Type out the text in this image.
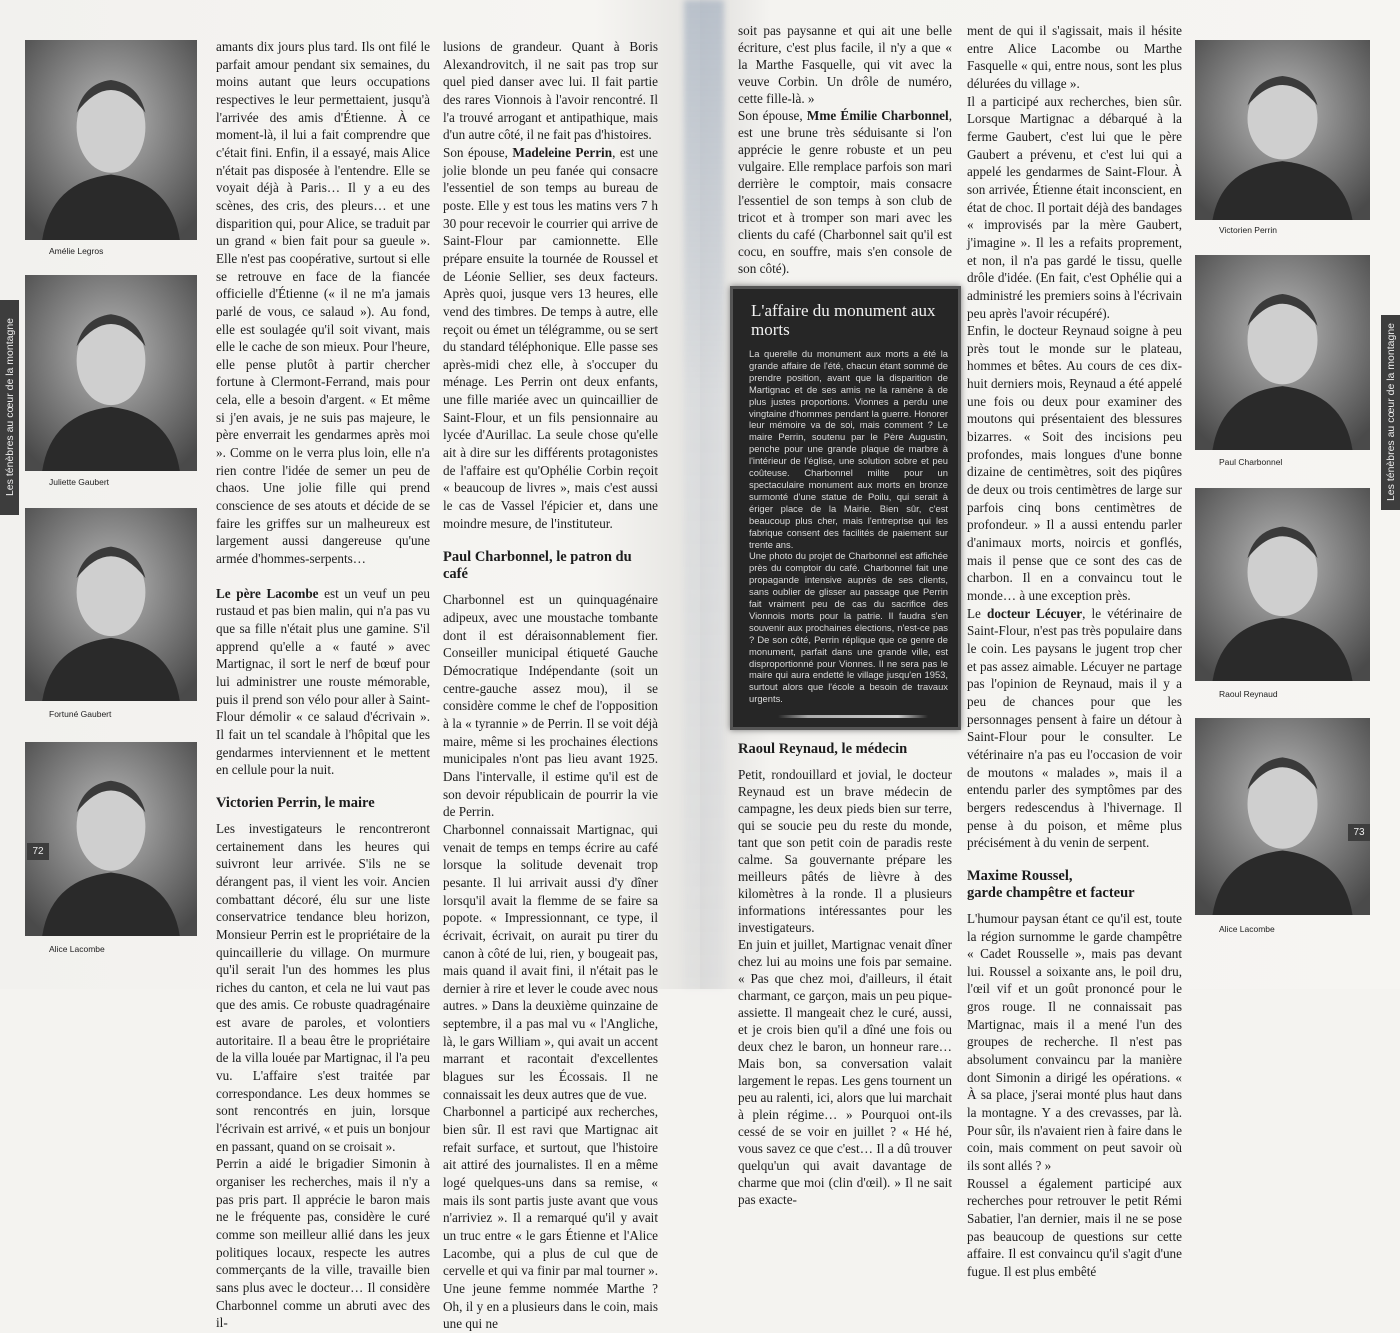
Amélie Legros
Juliette Gaubert
Fortuné Gaubert
Alice Lacombe
Victorien Perrin
Paul Charbonnel
Raoul Reynaud
Alice Lacombe

amants dix jours plus tard. Ils ont filé le parfait amour pendant six semaines, du moins autant que leurs occupations respectives le leur permettaient, jusqu'à l'arrivée des amis d'Étienne. À ce moment-là, il lui a fait comprendre que c'était fini. Enfin, il a essayé, mais Alice n'était pas disposée à l'entendre. Elle se voyait déjà à Paris… Il y a eu des scènes, des cris, des pleurs… et une disparition qui, pour Alice, se traduit par un grand « bien fait pour sa gueule ». Elle n'est pas coopérative, surtout si elle se retrouve en face de la fiancée officielle d'Étienne (« il ne m'a jamais parlé de vous, ce salaud »). Au fond, elle est soulagée qu'il soit vivant, mais elle le cache de son mieux. Pour l'heure, elle pense plutôt à partir chercher fortune à Clermont-Ferrand, mais pour cela, elle a besoin d'argent. « Et même si j'en avais, je ne suis pas majeure, le père enverrait les gendarmes après moi ». Comme on le verra plus loin, elle n'a rien contre l'idée de semer un peu de chaos. Une jolie fille qui prend conscience de ses atouts et décide de se faire les griffes sur un malheureux est largement aussi dangereuse qu'une armée d'hommes-serpents…

Le père Lacombe est un veuf un peu rustaud et pas bien malin, qui n'a pas vu que sa fille n'était plus une gamine. S'il apprend qu'elle a « fauté » avec Martignac, il sort le nerf de bœuf pour lui administrer une rouste mémorable, puis il prend son vélo pour aller à Saint-Flour démolir « ce salaud d'écrivain ». Il fait un tel scandale à l'hôpital que les gendarmes interviennent et le mettent en cellule pour la nuit.

Victorien Perrin, le maire

Les investigateurs le rencontreront certainement dans les heures qui suivront leur arrivée. S'ils ne se dérangent pas, il vient les voir. Ancien combattant décoré, élu sur une liste conservatrice tendance bleu horizon, Monsieur Perrin est le propriétaire de la quincaillerie du village. On murmure qu'il serait l'un des hommes les plus riches du canton, et cela ne lui vaut pas que des amis. Ce robuste quadragénaire est avare de paroles, et volontiers autoritaire. Il a beau être le propriétaire de la villa louée par Martignac, il l'a peu vu. L'affaire s'est traitée par correspondance. Les deux hommes se sont rencontrés en juin, lorsque l'écrivain est arrivé, « et puis un bonjour en passant, quand on se croisait ».

Perrin a aidé le brigadier Simonin à organiser les recherches, mais il n'y a pas pris part. Il apprécie le baron mais ne le fréquente pas, considère le curé comme son meilleur allié dans les jeux politiques locaux, respecte les autres commerçants de la ville, travaille bien sans plus avec le docteur… Il considère Charbonnel comme un abruti avec des il-

lusions de grandeur. Quant à Boris Alexandrovitch, il ne sait pas trop sur quel pied danser avec lui. Il fait partie des rares Vionnois à l'avoir rencontré. Il l'a trouvé arrogant et antipathique, mais d'un autre côté, il ne fait pas d'histoires.

Son épouse, Madeleine Perrin, est une jolie blonde un peu fanée qui consacre l'essentiel de son temps au bureau de poste. Elle y est tous les matins vers 7 h 30 pour recevoir le courrier qui arrive de Saint-Flour par camionnette. Elle prépare ensuite la tournée de Roussel et de Léonie Sellier, ses deux facteurs. Après quoi, jusque vers 13 heures, elle vend des timbres. De temps à autre, elle reçoit ou émet un télégramme, ou se sert du standard téléphonique. Elle passe ses après-midi chez elle, à s'occuper du ménage. Les Perrin ont deux enfants, une fille mariée avec un quincaillier de Saint-Flour, et un fils pensionnaire au lycée d'Aurillac. La seule chose qu'elle ait à dire sur les différents protagonistes de l'affaire est qu'Ophélie Corbin reçoit « beaucoup de livres », mais c'est aussi le cas de Vassel l'épicier et, dans une moindre mesure, de l'instituteur.

Paul Charbonnel, le patron du café

Charbonnel est un quinquagénaire adipeux, avec une moustache tombante dont il est déraisonnablement fier. Conseiller municipal étiqueté Gauche Démocratique Indépendante (soit un centre-gauche assez mou), il se considère comme le chef de l'opposition à la « tyrannie » de Perrin. Il se voit déjà maire, même si les prochaines élections municipales n'ont pas lieu avant 1925. Dans l'intervalle, il estime qu'il est de son devoir républicain de pourrir la vie de Perrin.

Charbonnel connaissait Martignac, qui venait de temps en temps écrire au café lorsque la solitude devenait trop pesante. Il lui arrivait aussi d'y dîner lorsqu'il avait la flemme de se faire sa popote. « Impressionnant, ce type, il écrivait, écrivait, on aurait pu tirer du canon à côté de lui, rien, y bougeait pas, mais quand il avait fini, il n'était pas le dernier à rire et lever le coude avec nous autres. » Dans la deuxième quinzaine de septembre, il a pas mal vu « l'Angliche, là, le gars William », qui avait un accent marrant et racontait d'excellentes blagues sur les Écossais. Il ne connaissait les deux autres que de vue.

Charbonnel a participé aux recherches, bien sûr. Il est ravi que Martignac ait refait surface, et surtout, que l'histoire ait attiré des journalistes. Il en a même logé quelques-uns dans sa remise, « mais ils sont partis juste avant que vous n'arriviez ». Il a remarqué qu'il y avait un truc entre « le gars Étienne et l'Alice Lacombe, qui a plus de cul que de cervelle et qui va finir par mal tourner ». Une jeune femme nommée Marthe ? Oh, il y en a plusieurs dans le coin, mais une qui ne

soit pas paysanne et qui ait une belle écriture, c'est plus facile, il n'y a que « la Marthe Fasquelle, qui vit avec la veuve Corbin. Un drôle de numéro, cette fille-là. »

Son épouse, Mme Émilie Charbonnel, est une brune très séduisante si l'on apprécie le genre robuste et un peu vulgaire. Elle remplace parfois son mari derrière le comptoir, mais consacre l'essentiel de son temps à son club de tricot et à tromper son mari avec les clients du café (Charbonnel sait qu'il est cocu, en souffre, mais s'en console de son côté).

L'affaire du monument aux morts

La querelle du monument aux morts a été la grande affaire de l'été, chacun étant sommé de prendre position, avant que la disparition de Martignac et de ses amis ne la ramène à de plus justes proportions. Vionnes a perdu une vingtaine d'hommes pendant la guerre. Honorer leur mémoire va de soi, mais comment ? Le maire Perrin, soutenu par le Père Augustin, penche pour une grande plaque de marbre à l'intérieur de l'église, une solution sobre et peu coûteuse. Charbonnel milite pour un spectaculaire monument aux morts en bronze surmonté d'une statue de Poilu, qui serait à ériger place de la Mairie. Bien sûr, c'est beaucoup plus cher, mais l'entreprise qui les fabrique consent des facilités de paiement sur trente ans.

Une photo du projet de Charbonnel est affichée près du comptoir du café. Charbonnel fait une propagande intensive auprès de ses clients, sans oublier de glisser au passage que Perrin fait vraiment peu de cas du sacrifice des Vionnois morts pour la patrie. Il faudra s'en souvenir aux prochaines élections, n'est-ce pas ? De son côté, Perrin réplique que ce genre de monument, parfait dans une grande ville, est disproportionné pour Vionnes. Il ne sera pas le maire qui aura endetté le village jusqu'en 1953, surtout alors que l'école a besoin de travaux urgents.

Raoul Reynaud, le médecin

Petit, rondouillard et jovial, le docteur Reynaud est un brave médecin de campagne, les deux pieds bien sur terre, qui se soucie peu du reste du monde, tant que son petit coin de paradis reste calme. Sa gouvernante prépare les meilleurs pâtés de lièvre à des kilomètres à la ronde. Il a plusieurs informations intéressantes pour les investigateurs.

En juin et juillet, Martignac venait dîner chez lui au moins une fois par semaine. « Pas que chez moi, d'ailleurs, il était charmant, ce garçon, mais un peu pique-assiette. Il mangeait chez le curé, aussi, et je crois bien qu'il a dîné une fois ou deux chez le baron, un honneur rare… Mais bon, sa conversation valait largement le repas. Les gens tournent un peu au ralenti, ici, alors que lui marchait à plein régime… » Pourquoi ont-ils cessé de se voir en juillet ? « Hé hé, vous savez ce que c'est… Il a dû trouver quelqu'un qui avait davantage de charme que moi (clin d'œil). » Il ne sait pas exacte-

ment de qui il s'agissait, mais il hésite entre Alice Lacombe ou Marthe Fasquelle « qui, entre nous, sont les plus délurées du village ».

Il a participé aux recherches, bien sûr. Lorsque Martignac a débarqué à la ferme Gaubert, c'est lui que le père Gaubert a prévenu, et c'est lui qui a appelé les gendarmes de Saint-Flour. À son arrivée, Étienne était inconscient, en état de choc. Il portait déjà des bandages « improvisés par la mère Gaubert, j'imagine ». Il les a refaits proprement, et non, il n'a pas gardé le tissu, quelle drôle d'idée. (En fait, c'est Ophélie qui a administré les premiers soins à l'écrivain peu après l'avoir récupéré).

Enfin, le docteur Reynaud soigne à peu près tout le monde sur le plateau, hommes et bêtes. Au cours de ces dix-huit derniers mois, Reynaud a été appelé une fois ou deux pour examiner des moutons qui présentaient des blessures bizarres. « Soit des incisions peu profondes, mais longues d'une bonne dizaine de centimètres, soit des piqûres de deux ou trois centimètres de large sur parfois cinq bons centimètres de profondeur. » Il a aussi entendu parler d'animaux morts, noircis et gonflés, mais il pense que ce sont des cas de charbon. Il en a convaincu tout le monde… à une exception près.

Le docteur Lécuyer, le vétérinaire de Saint-Flour, n'est pas très populaire dans le coin. Les paysans le jugent trop cher et pas assez aimable. Lécuyer ne partage pas l'opinion de Reynaud, mais il y a peu de chances pour que les personnages pensent à faire un détour à Saint-Flour pour le consulter. Le vétérinaire n'a pas eu l'occasion de voir de moutons « malades », mais il a entendu parler des symptômes par des bergers redescendus à l'hivernage. Il pense à du poison, et même plus précisément à du venin de serpent.

Maxime Roussel,
garde champêtre et facteur

L'humour paysan étant ce qu'il est, toute la région surnomme le garde champêtre « Cadet Rousselle », mais pas devant lui. Roussel a soixante ans, le poil dru, l'œil vif et un goût prononcé pour le gros rouge. Il ne connaissait pas Martignac, mais il a mené l'un des groupes de recherche. Il n'est pas absolument convaincu par la manière dont Simonin a dirigé les opérations. « À sa place, j'serai monté plus haut dans la montagne. Y a des crevasses, par là. Pour sûr, ils n'avaient rien à faire dans le coin, mais comment on peut savoir où ils sont allés ? »

Roussel a également participé aux recherches pour retrouver le petit Rémi Sabatier, l'an dernier, mais il ne se pose pas beaucoup de questions sur cette affaire. Il est convaincu qu'il s'agit d'une fugue. Il est plus embêté

Les ténèbres au cœur de la montagne	Les ténèbres au cœur de la montagne
72
73
